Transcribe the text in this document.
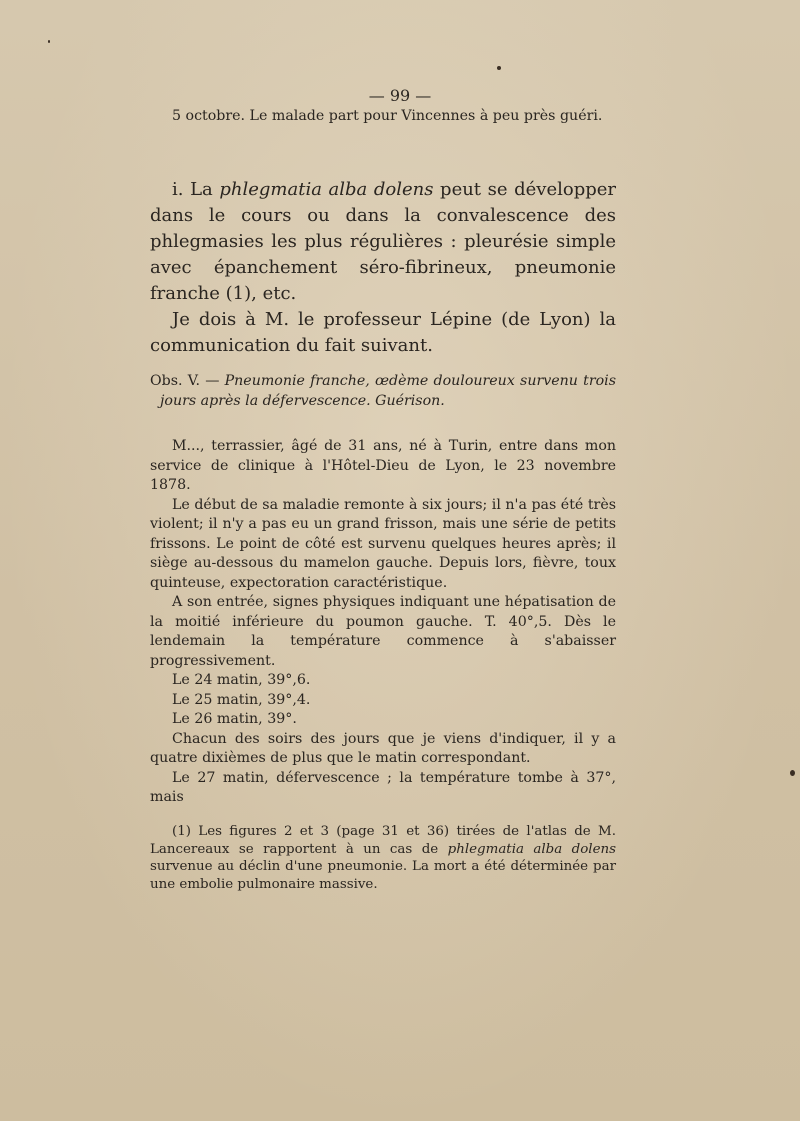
— 99 —

5 octobre. Le malade part pour Vincennes à peu près guéri.

i. La phlegmatia alba dolens peut se développer dans le cours ou dans la convalescence des phlegmasies les plus régulières : pleurésie simple avec épanchement séro-fibrineux, pneumonie franche (1), etc.

Je dois à M. le professeur Lépine (de Lyon) la communication du fait suivant.

Obs. V. — Pneumonie franche, œdème douloureux survenu trois jours après la défervescence. Guérison.

M..., terrassier, âgé de 31 ans, né à Turin, entre dans mon service de clinique à l'Hôtel-Dieu de Lyon, le 23 novembre 1878.

Le début de sa maladie remonte à six jours; il n'a pas été très violent; il n'y a pas eu un grand frisson, mais une série de petits frissons. Le point de côté est survenu quelques heures après; il siège au-dessous du mamelon gauche. Depuis lors, fièvre, toux quinteuse, expectoration caractéristique.

A son entrée, signes physiques indiquant une hépatisation de la moitié inférieure du poumon gauche. T. 40°,5. Dès le lendemain la température commence à s'abaisser progressivement.

Le 24 matin, 39°,6.

Le 25 matin, 39°,4.

Le 26 matin, 39°.

Chacun des soirs des jours que je viens d'indiquer, il y a quatre dixièmes de plus que le matin correspondant.

Le 27 matin, défervescence ; la température tombe à 37°, mais

(1) Les figures 2 et 3 (page 31 et 36) tirées de l'atlas de M. Lancereaux se rapportent à un cas de phlegmatia alba dolens survenue au déclin d'une pneumonie. La mort a été déterminée par une embolie pulmonaire massive.
